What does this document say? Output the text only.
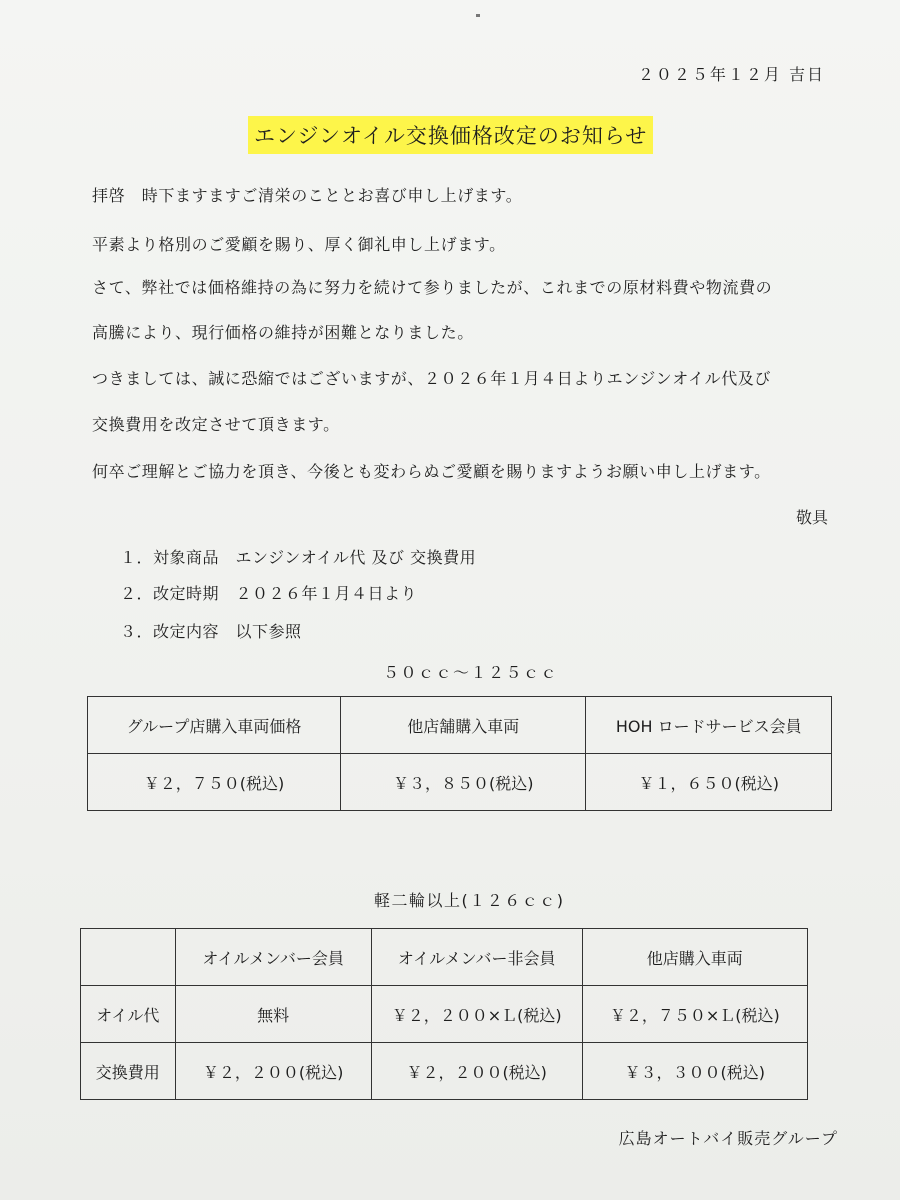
２０２５年１２月 吉日
エンジンオイル交換価格改定のお知らせ
拝啓　時下ますますご清栄のこととお喜び申し上げます。
平素より格別のご愛顧を賜り、厚く御礼申し上げます。
さて、弊社では価格維持の為に努力を続けて参りましたが、これまでの原材料費や物流費の
高騰により、現行価格の維持が困難となりました。
つきましては、誠に恐縮ではございますが、２０２６年１月４日よりエンジンオイル代及び
交換費用を改定させて頂きます。
何卒ご理解とご協力を頂き、今後とも変わらぬご愛顧を賜りますようお願い申し上げます。
敬具
１．対象商品　エンジンオイル代 及び 交換費用
２．改定時期　２０２６年１月４日より
３．改定内容　以下参照
５０ｃｃ〜１２５ｃｃ
グループ店購入車両価格	他店舗購入車両	HOH ロードサービス会員
￥２，７５０(税込)	￥３，８５０(税込)	￥１，６５０(税込)
軽二輪以上(１２６ｃｃ)
	オイルメンバー会員	オイルメンバー非会員	他店購入車両
オイル代	無料	￥２，２００×Ｌ(税込)	￥２，７５０×Ｌ(税込)
交換費用	￥２，２００(税込)	￥２，２００(税込)	￥３，３００(税込)
広島オートバイ販売グループ
